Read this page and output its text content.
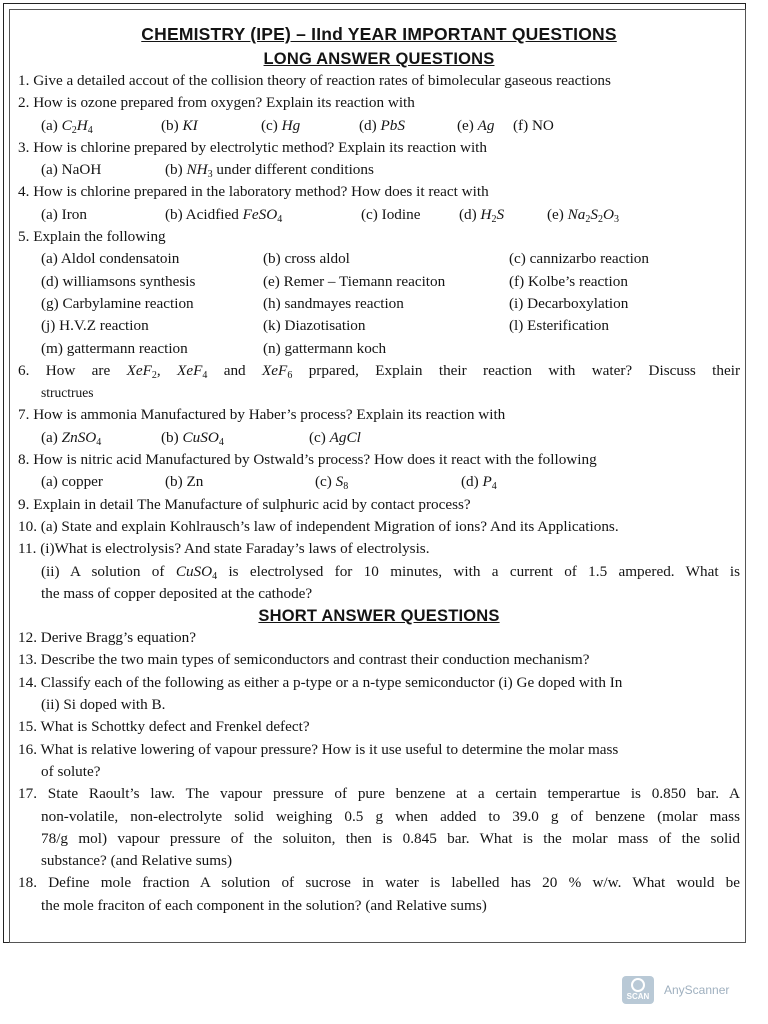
CHEMISTRY (IPE) – IInd YEAR IMPORTANT QUESTIONS
LONG ANSWER QUESTIONS
1. Give a detailed accout of the collision theory of reaction rates of bimolecular gaseous reactions
2. How is ozone prepared from oxygen? Explain its reaction with
(a) $C_2H_4$	(b) KI	(c) Hg	(d) PbS	(e) Ag	(f) NO
3. How is chlorine prepared by electrolytic method? Explain its reaction with
(a) NaOH	(b) $NH_3$ under different conditions
4. How is chlorine prepared in the laboratory method? How does it react with
(a) Iron	(b) Acidfied FeSO$_4$	(c) Iodine	(d) $H_2S$	(e) $Na_2S_2O_3$
5. Explain the following
(a) Aldol condensatoin	(b) cross aldol	(c) cannizarbo reaction
(d) williamsons synthesis	(e) Remer – Tiemann reaciton	(f) Kolbe’s reaction
(g) Carbylamine reaction	(h) sandmayes reaction	(i) Decarboxylation
(j) H.V.Z reaction	(k) Diazotisation	(l) Esterification
(m) gattermann reaction	(n) gattermann koch
6. How are XeF$_2$, XeF$_4$ and XeF$_6$ prpared, Explain their reaction with water? Discuss their
structrues
7. How is ammonia Manufactured by Haber’s process? Explain its reaction with
(a) ZnSO$_4$	(b) CuSO$_4$	(c) AgCl
8. How is nitric acid Manufactured by Ostwald’s process? How does it react with the following
(a) copper	(b) Zn	(c) $S_8$	(d) $P_4$
9. Explain in detail The Manufacture of sulphuric acid by contact process?
10. (a) State and explain Kohlrausch’s law of independent Migration of ions? And its Applications.
11. (i)What is electrolysis? And state Faraday’s laws of electrolysis.
(ii) A solution of CuSO$_4$ is electrolysed for 10 minutes, with a current of 1.5 ampered. What is
the mass of copper deposited at the cathode?
SHORT ANSWER QUESTIONS
12. Derive Bragg’s equation?
13. Describe the two main types of semiconductors and contrast their conduction mechanism?
14. Classify each of the following as either a p-type or a n-type semiconductor (i) Ge doped with In
(ii) Si doped with B.
15. What is Schottky defect and Frenkel defect?
16. What is relative lowering of vapour pressure? How is it use useful to determine the molar mass
of solute?
17. State Raoult’s law. The vapour pressure of pure benzene at a certain temperartue is 0.850 bar. A
non-volatile, non-electrolyte solid weighing 0.5 g when added to 39.0 g of benzene (molar mass
78/g mol) vapour pressure of the soluiton, then is 0.845 bar. What is the molar mass of the solid
substance? (and Relative sums)
18. Define mole fraction A solution of sucrose in water is labelled has 20 % w/w. What would be
the mole fraciton of each component in the solution? (and Relative sums)
SCAN	AnyScanner
